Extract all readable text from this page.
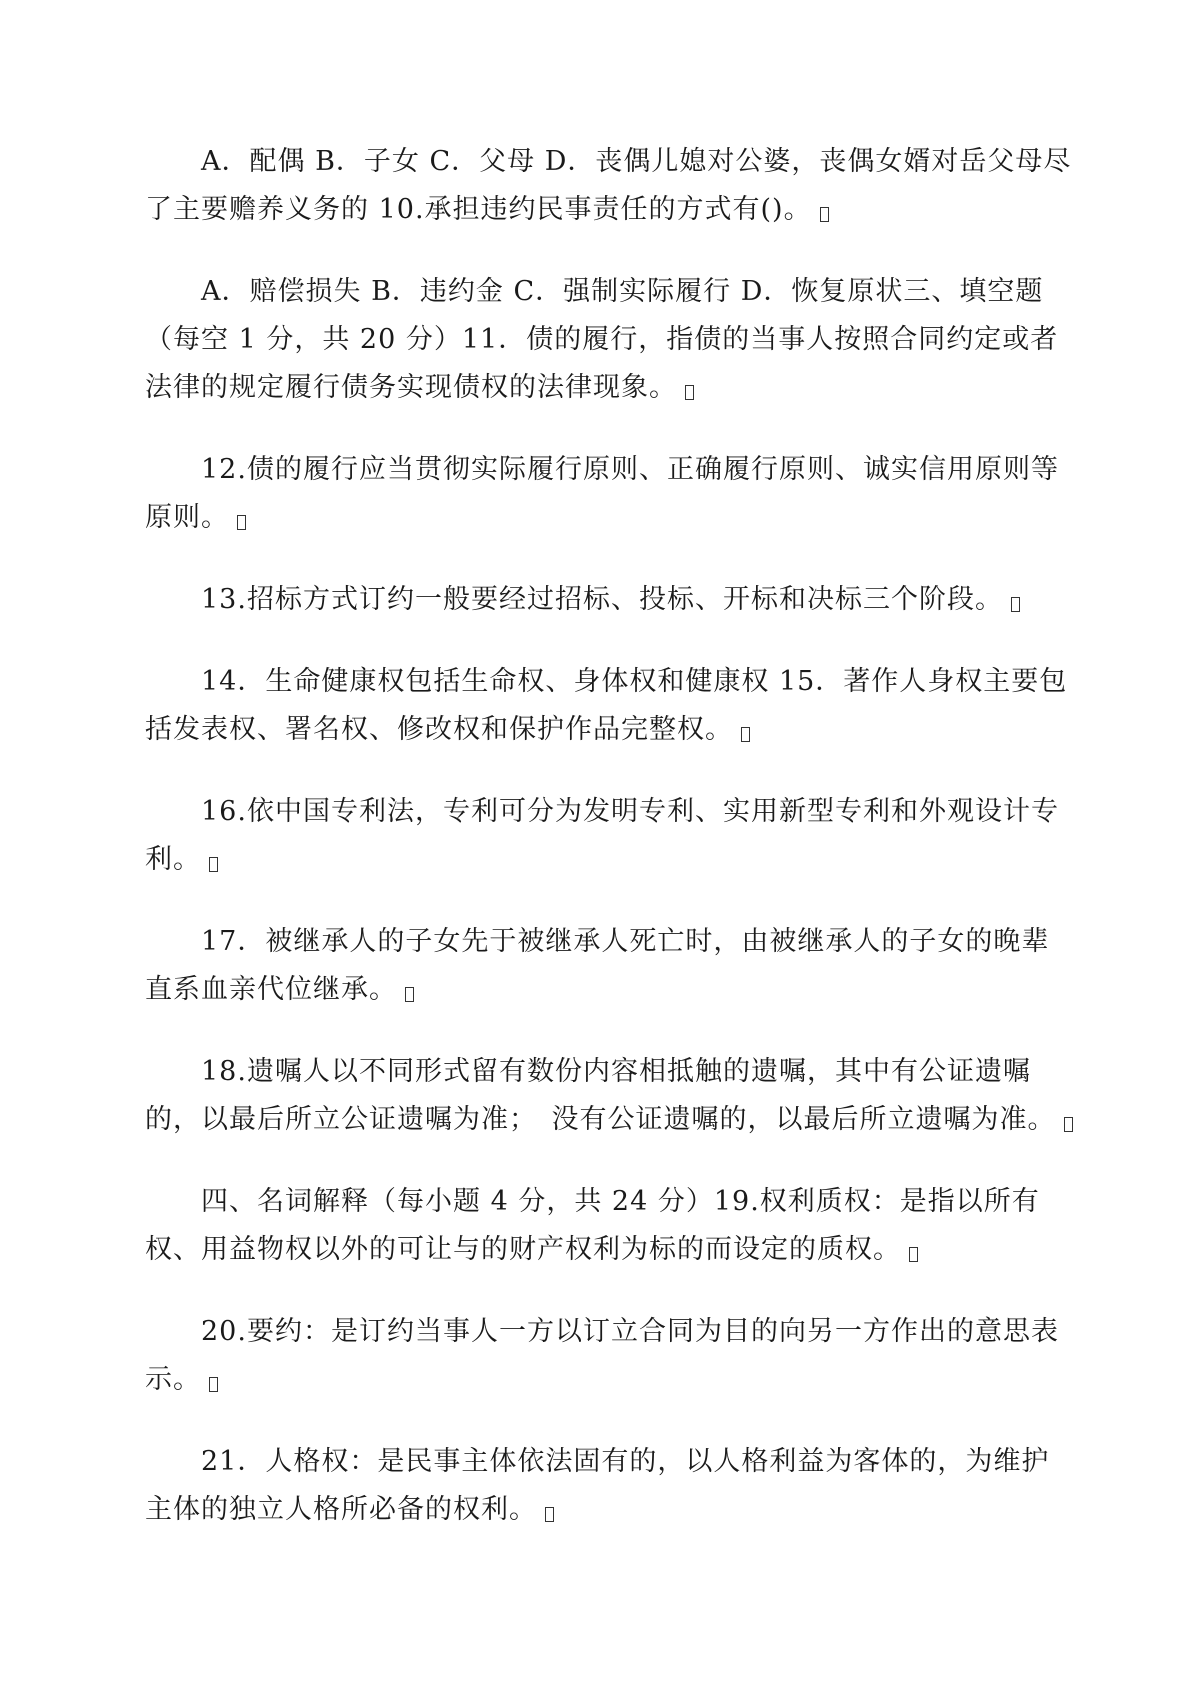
A．配偶 B．子女 C．父母 D．丧偶儿媳对公婆，丧偶女婿对岳父母尽了主要赡养义务的 10.承担违约民事责任的方式有()。

A．赔偿损失 B．违约金 C．强制实际履行 D．恢复原状三、填空题（每空 1 分，共 20 分）11．债的履行，指债的当事人按照合同约定或者法律的规定履行债务实现债权的法律现象。

12.债的履行应当贯彻实际履行原则、正确履行原则、诚实信用原则等原则。

13.招标方式订约一般要经过招标、投标、开标和决标三个阶段。

14．生命健康权包括生命权、身体权和健康权 15．著作人身权主要包括发表权、署名权、修改权和保护作品完整权。

16.依中国专利法，专利可分为发明专利、实用新型专利和外观设计专利。

17．被继承人的子女先于被继承人死亡时，由被继承人的子女的晚辈直系血亲代位继承。

18.遗嘱人以不同形式留有数份内容相抵触的遗嘱，其中有公证遗嘱的，以最后所立公证遗嘱为准；　没有公证遗嘱的，以最后所立遗嘱为准。

四、名词解释（每小题 4 分，共 24 分）19.权利质权：是指以所有权、用益物权以外的可让与的财产权利为标的而设定的质权。

20.要约：是订约当事人一方以订立合同为目的向另一方作出的意思表示。

21．人格权：是民事主体依法固有的，以人格利益为客体的，为维护主体的独立人格所必备的权利。
